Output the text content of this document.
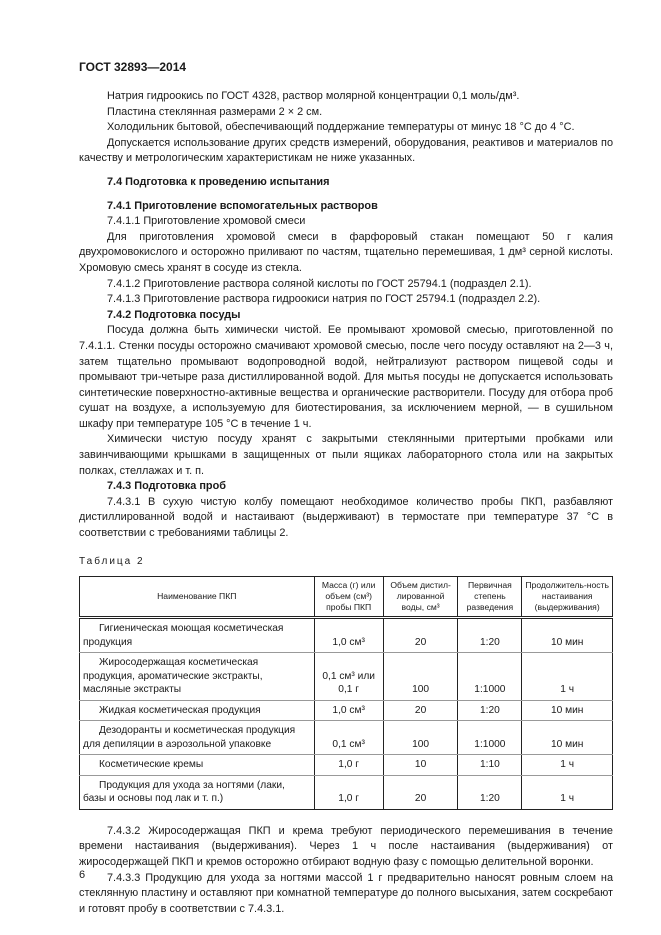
ГОСТ 32893—2014

Натрия гидроокись по ГОСТ 4328, раствор молярной концентрации 0,1 моль/дм³.

Пластина стеклянная размерами 2 × 2 см.

Холодильник бытовой, обеспечивающий поддержание температуры от минус 18 °С до 4 °С.

Допускается использование других средств измерений, оборудования, реактивов и материалов по качеству и метрологическим характеристикам не ниже указанных.

7.4 Подготовка к проведению испытания

7.4.1 Приготовление вспомогательных растворов

7.4.1.1 Приготовление хромовой смеси

Для приготовления хромовой смеси в фарфоровый стакан помещают 50 г калия двухромовокислого и осторожно приливают по частям, тщательно перемешивая, 1 дм³ серной кислоты. Хромовую смесь хранят в сосуде из стекла.

7.4.1.2 Приготовление раствора соляной кислоты по ГОСТ 25794.1 (подраздел 2.1).

7.4.1.3 Приготовление раствора гидроокиси натрия по ГОСТ 25794.1 (подраздел 2.2).

7.4.2 Подготовка посуды

Посуда должна быть химически чистой. Ее промывают хромовой смесью, приготовленной по 7.4.1.1. Стенки посуды осторожно смачивают хромовой смесью, после чего посуду оставляют на 2—3 ч, затем тщательно промывают водопроводной водой, нейтрализуют раствором пищевой соды и промывают три-четыре раза дистиллированной водой. Для мытья посуды не допускается использовать синтетические поверхностно-активные вещества и органические растворители. Посуду для отбора проб сушат на воздухе, а используемую для биотестирования, за исключением мерной, — в сушильном шкафу при температуре 105 °С в течение 1 ч.

Химически чистую посуду хранят с закрытыми стеклянными притертыми пробками или завинчивающими крышками в защищенных от пыли ящиках лабораторного стола или на закрытых полках, стеллажах и т. п.

7.4.3 Подготовка проб

7.4.3.1 В сухую чистую колбу помещают необходимое количество пробы ПКП, разбавляют дистиллированной водой и настаивают (выдерживают) в термостате при температуре 37 °С в соответствии с требованиями таблицы 2.

Таблица 2
Наименование ПКП	Масса (г) или объем (см³) пробы ПКП	Объем дистил-лированной воды, см³	Первичная степень разведения	Продолжитель-ность настаивания (выдерживания)
Гигиеническая моющая косметическая продукция	1,0 см³	20	1:20	10 мин
Жиросодержащая косметическая продукция, ароматические экстракты, масляные экстракты	0,1 см³ или 0,1 г	100	1:1000	1 ч
Жидкая косметическая продукция	1,0 см³	20	1:20	10 мин
Дезодоранты и косметическая продукция для депиляции в аэрозольной упаковке	0,1 см³	100	1:1000	10 мин
Косметические кремы	1,0 г	10	1:10	1 ч
Продукция для ухода за ногтями (лаки, базы и основы под лак и т. п.)	1,0 г	20	1:20	1 ч

7.4.3.2 Жиросодержащая ПКП и крема требуют периодического перемешивания в течение времени настаивания (выдерживания). Через 1 ч после настаивания (выдерживания) от жиросодержащей ПКП и кремов осторожно отбирают водную фазу с помощью делительной воронки.

7.4.3.3 Продукцию для ухода за ногтями массой 1 г предварительно наносят ровным слоем на стеклянную пластину и оставляют при комнатной температуре до полного высыхания, затем соскребают и готовят пробу в соответствии с 7.4.3.1.

6
